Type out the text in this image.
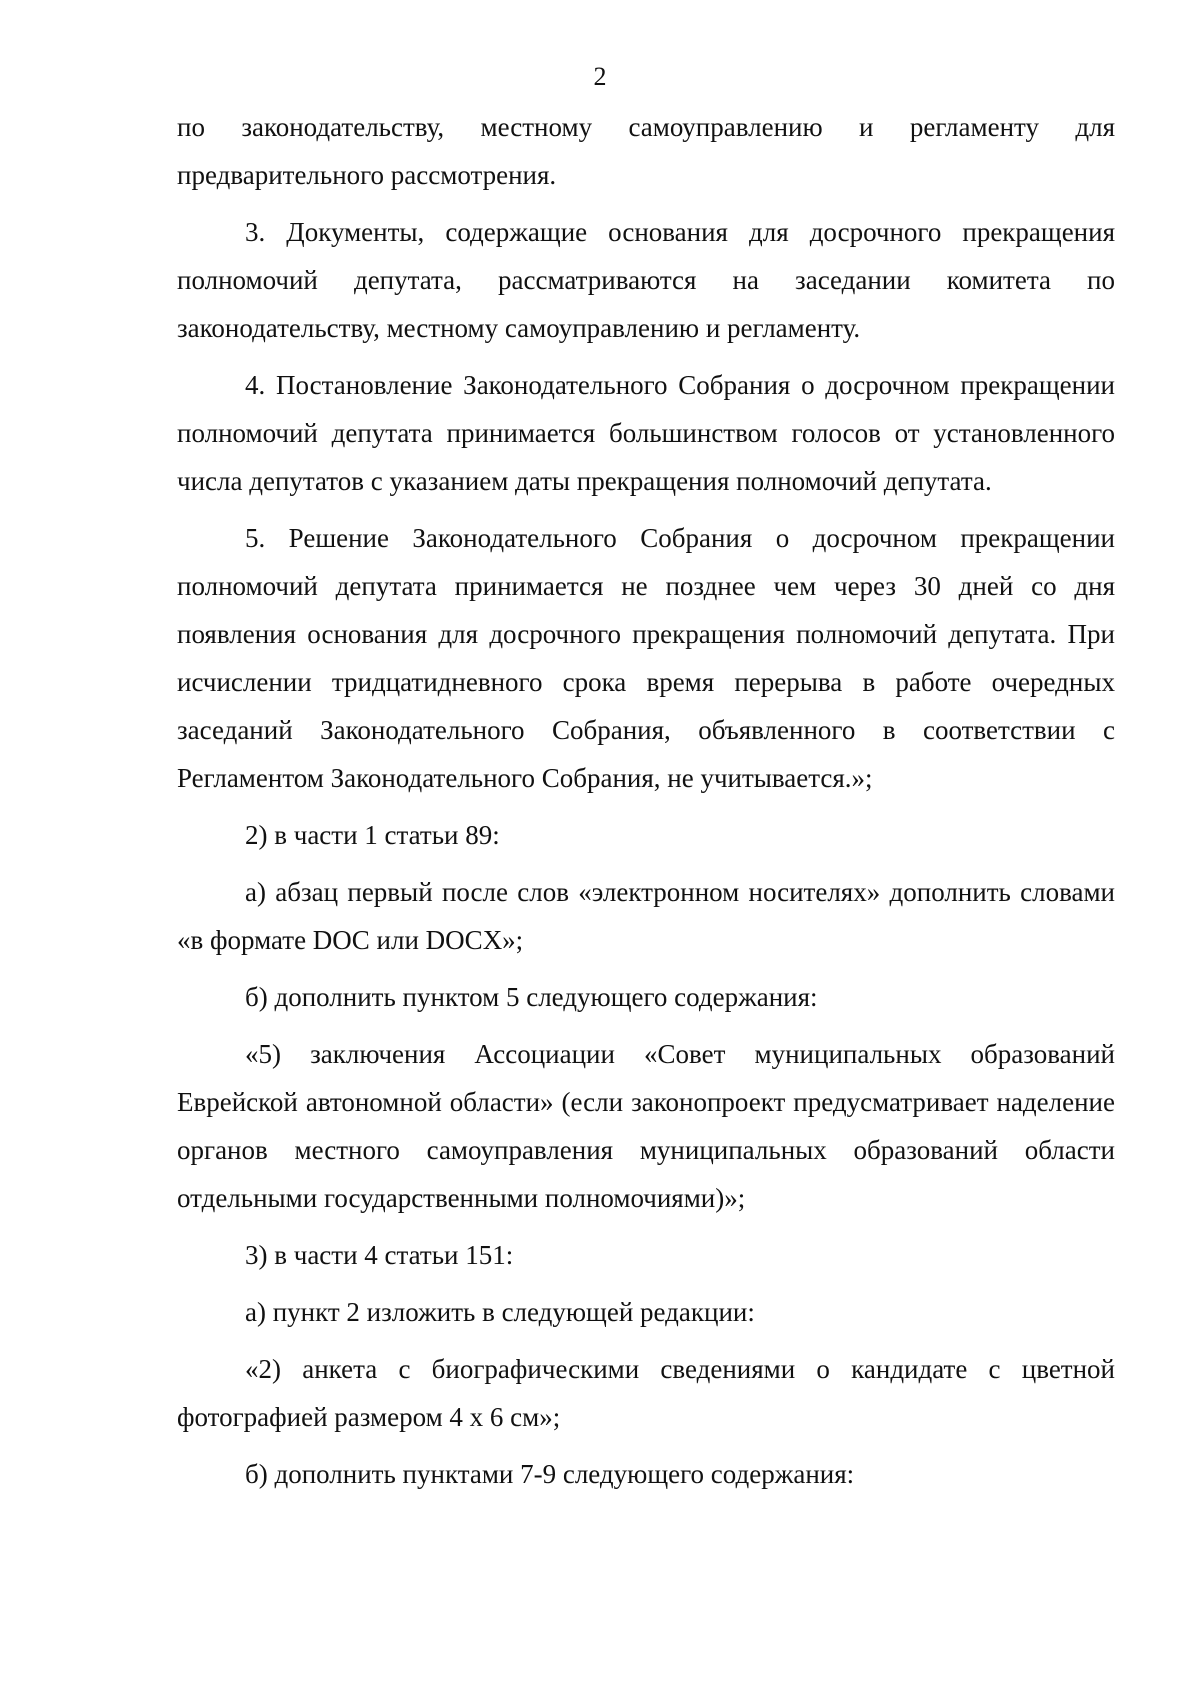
2

по законодательству, местному самоуправлению и регламенту для предварительного рассмотрения.

3. Документы, содержащие основания для досрочного прекращения полномочий депутата, рассматриваются на заседании комитета по законодательству, местному самоуправлению и регламенту.

4. Постановление Законодательного Собрания о досрочном прекращении полномочий депутата принимается большинством голосов от установленного числа депутатов с указанием даты прекращения полномочий депутата.

5. Решение Законодательного Собрания о досрочном прекращении полномочий депутата принимается не позднее чем через 30 дней со дня появления основания для досрочного прекращения полномочий депутата. При исчислении тридцатидневного срока время перерыва в работе очередных заседаний Законодательного Собрания, объявленного в соответствии с Регламентом Законодательного Собрания, не учитывается.»;

2) в части 1 статьи 89:

а) абзац первый после слов «электронном носителях» дополнить словами «в формате DOC или DOCX»;

б) дополнить пунктом 5 следующего содержания:

«5) заключения Ассоциации «Совет муниципальных образований Еврейской автономной области» (если законопроект предусматривает наделение органов местного самоуправления муниципальных образований области отдельными государственными полномочиями)»;

3) в части 4 статьи 151:

а) пункт 2 изложить в следующей редакции:

«2) анкета с биографическими сведениями о кандидате с цветной фотографией размером 4 х 6 см»;

б) дополнить пунктами 7-9 следующего содержания:
